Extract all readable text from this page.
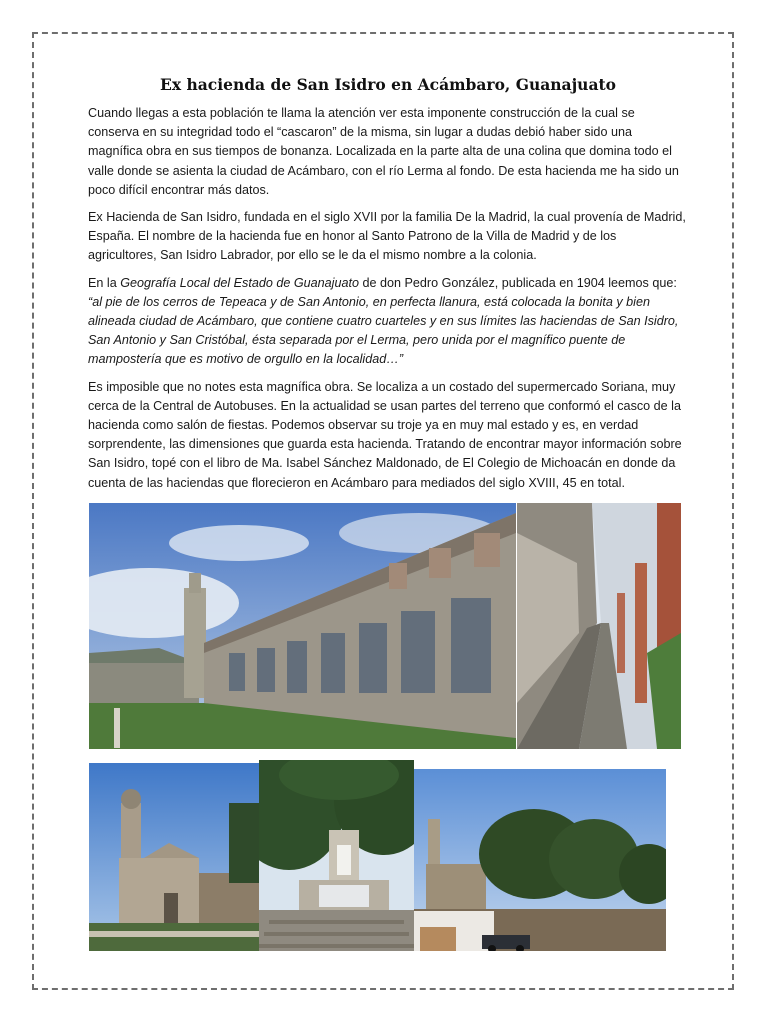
Ex hacienda de San Isidro en Acámbaro, Guanajuato

Cuando llegas a esta población te llama la atención ver esta imponente construcción de la cual se conserva en su integridad todo el “cascaron” de la misma, sin lugar a dudas debió haber sido una magnífica obra en sus tiempos de bonanza. Localizada en la parte alta de una colina que domina todo el valle donde se asienta la ciudad de Acámbaro, con el río Lerma al fondo. De esta hacienda me ha sido un poco difícil encontrar más datos.

Ex Hacienda de San Isidro, fundada en el siglo XVII por la familia De la Madrid, la cual provenía de Madrid, España. El nombre de la hacienda fue en honor al Santo Patrono de la Villa de Madrid y de los agricultores, San Isidro Labrador, por ello se le da el mismo nombre a la colonia.

En la Geografía Local del Estado de Guanajuato de don Pedro González, publicada en 1904 leemos que: “al pie de los cerros de Tepeaca y de San Antonio, en perfecta llanura, está colocada la bonita y bien alineada ciudad de Acámbaro, que contiene cuatro cuarteles y en sus límites las haciendas de San Isidro, San Antonio y San Cristóbal, ésta separada por el Lerma, pero unida por el magnífico puente de mampostería que es motivo de orgullo en la localidad…”

Es imposible que no notes esta magnífica obra. Se localiza a un costado del supermercado Soriana, muy cerca de la Central de Autobuses. En la actualidad se usan partes del terreno que conformó el casco de la hacienda como salón de fiestas. Podemos observar su troje ya en muy mal estado y es, en verdad sorprendente, las dimensiones que guarda esta hacienda. Tratando de encontrar mayor información sobre San Isidro, topé con el libro de Ma. Isabel Sánchez Maldonado, de El Colegio de Michoacán en donde da cuenta de las haciendas que florecieron en Acámbaro para mediados del siglo XVIII, 45 en total.
